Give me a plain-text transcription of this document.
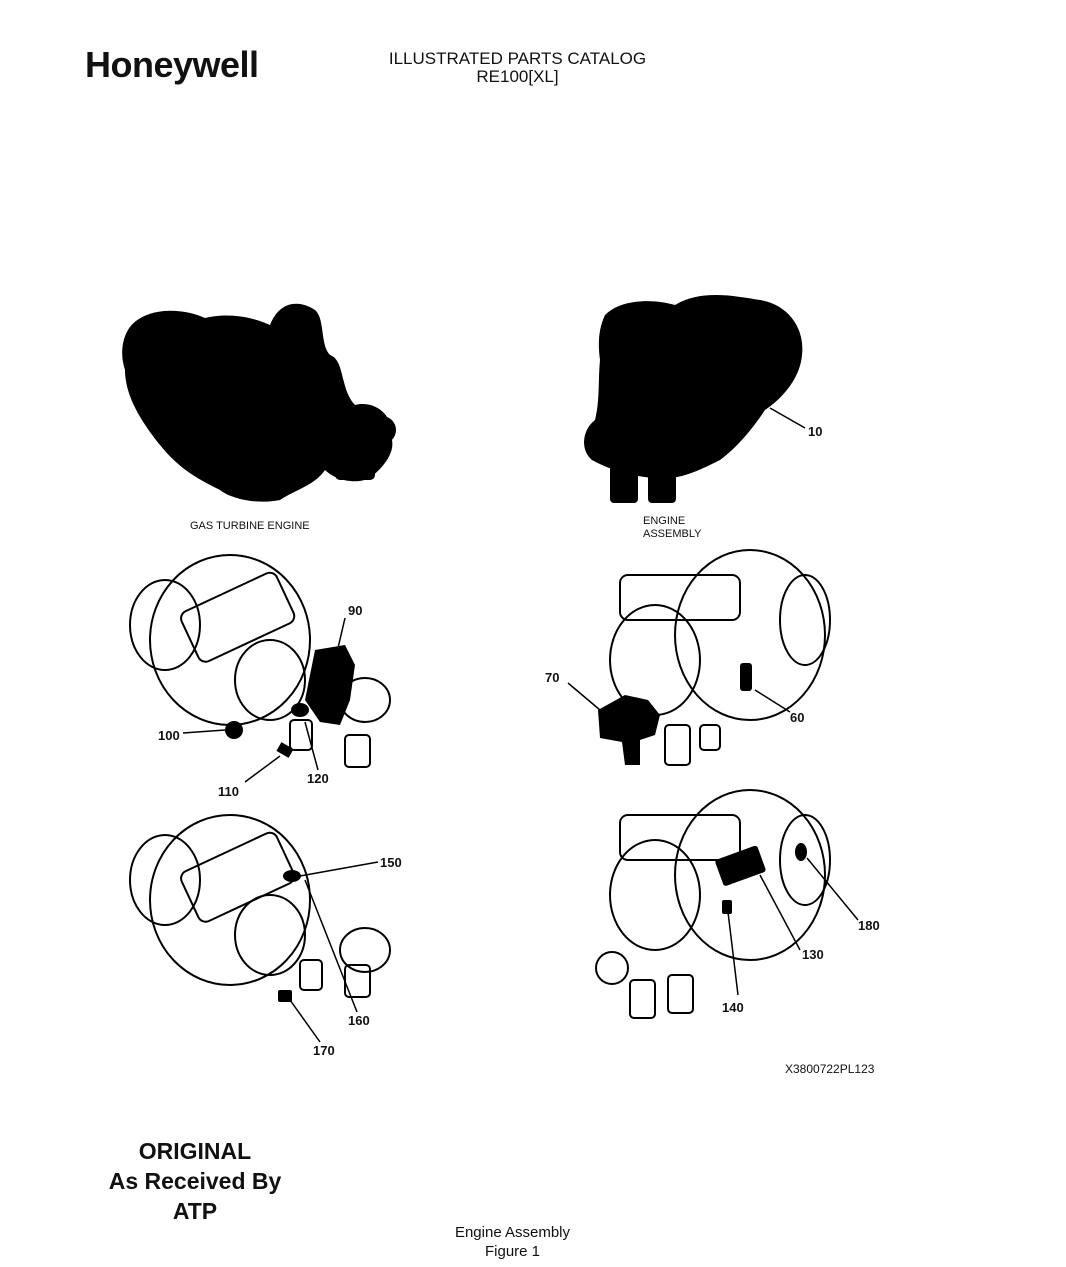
Honeywell	ILLUSTRATED PARTS CATALOG
RE100[XL]
GAS TURBINE ENGINE	ENGINE
ASSEMBLY
10
90
100
110
120
70
60
150
160
170
180
130
140
X3800722PL123
ORIGINAL
As Received By
ATP
Engine Assembly
Figure 1
